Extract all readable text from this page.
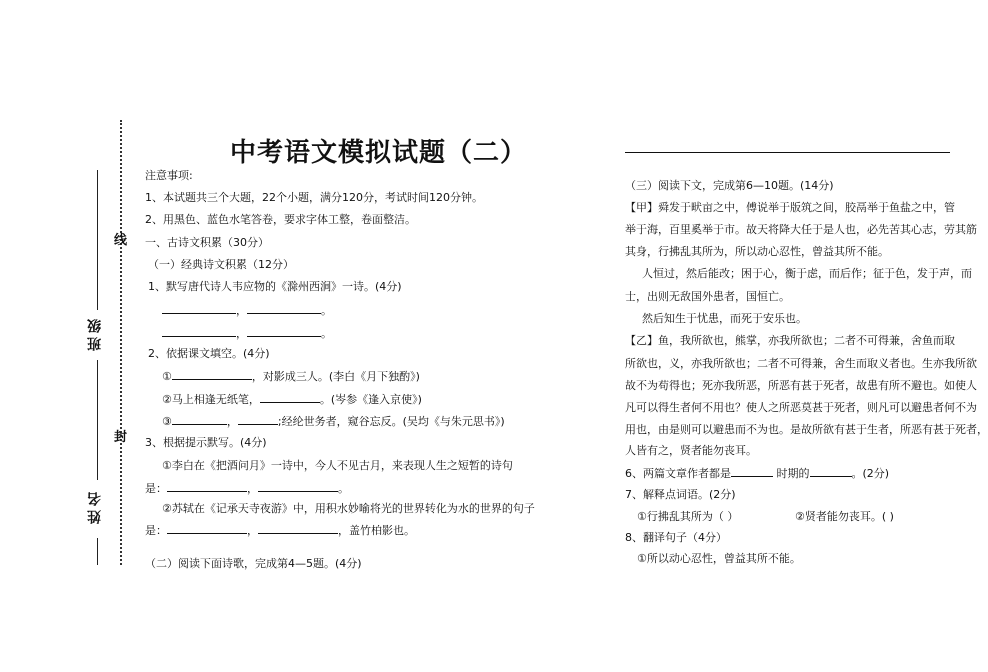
线
封
班级
姓名
中考语文模拟试题（二）
注意事项:
1、本试题共三个大题，22个小题，满分120分，考试时间120分钟。
2、用黑色、蓝色水笔答卷，要求字体工整，卷面整洁。
一、古诗文积累（30分）
（一）经典诗文积累（12分）
1、默写唐代诗人韦应物的《滁州西涧》一诗。(4分)
，	。
，	。
2、依据课文填空。(4分)
①	，对影成三人。(李白《月下独酌》)
②马上相逢无纸笔，	。(岑参《逢入京使》)
③	，	;经纶世务者，窥谷忘反。(吴均《与朱元思书》)
3、根据提示默写。(4分)
①李白在《把酒问月》一诗中，今人不见古月，来表现人生之短暂的诗句
是：	，	。
②苏轼在《记承天寺夜游》中，用积水妙喻将光的世界转化为水的世界的句子
是：	，	，盖竹柏影也。
（二）阅读下面诗歌，完成第4—5题。(4分)
（三）阅读下文，完成第6—10题。(14分)
【甲】舜发于畎亩之中，傅说举于版筑之间，胶鬲举于鱼盐之中，管
举于海，百里奚举于市。故天将降大任于是人也，必先苦其心志，劳其筋
其身，行拂乱其所为，所以动心忍性，曾益其所不能。
人恒过，然后能改；困于心，衡于虑，而后作；征于色，发于声，而
士，出则无敌国外患者，国恒亡。
然后知生于忧患，而死于安乐也。
【乙】鱼，我所欲也，熊掌，亦我所欲也；二者不可得兼，舍鱼而取
所欲也，义，亦我所欲也；二者不可得兼，舍生而取义者也。生亦我所欲
故不为苟得也；死亦我所恶，所恶有甚于死者，故患有所不避也。如使人
凡可以得生者何不用也？使人之所恶莫甚于死者，则凡可以避患者何不为
用也，由是则可以避患而不为也。是故所欲有甚于生者，所恶有甚于死者，
人皆有之，贤者能勿丧耳。
6、两篇文章作者都是	时期的	。(2分)
7、解释点词语。(2分)
①行拂乱其所为（ ）	②贤者能勿丧耳。( )
8、翻译句子（4分）
①所以动心忍性，曾益其所不能。
